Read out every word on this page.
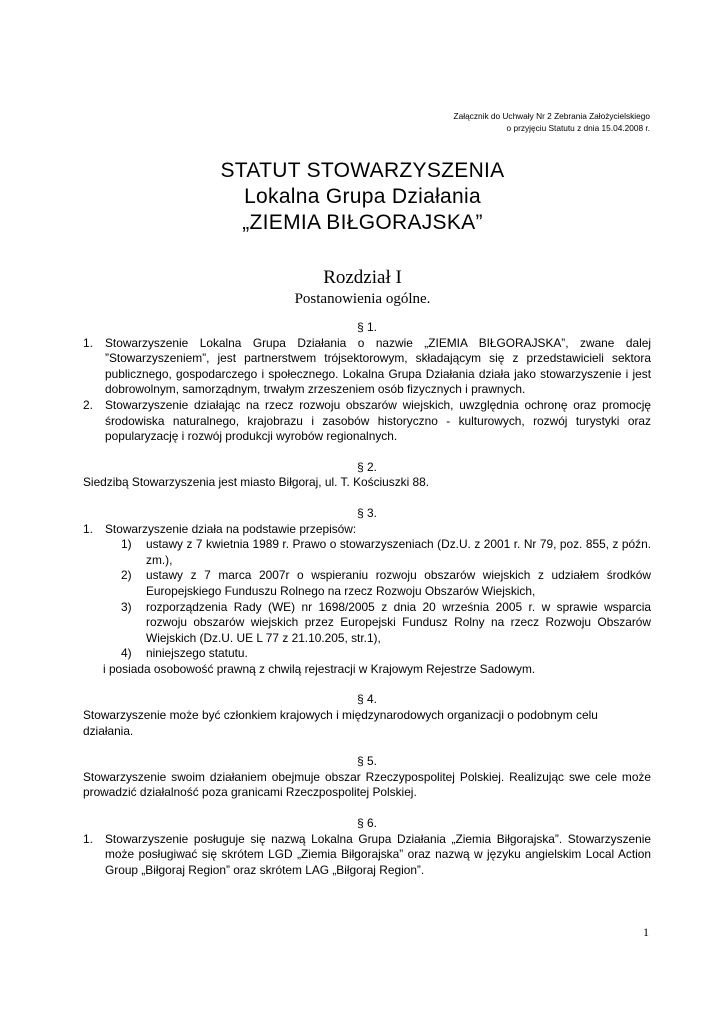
Załącznik do Uchwały Nr 2 Zebrania Założycielskiego
o przyjęciu Statutu z dnia 15.04.2008 r.
STATUT STOWARZYSZENIA
Lokalna Grupa Działania
„ZIEMIA BIŁGORAJSKA”
Rozdział I
Postanowienia ogólne.
§ 1.
1.	Stowarzyszenie Lokalna Grupa Działania o nazwie „ZIEMIA BIŁGORAJSKA”, zwane dalej ”Stowarzyszeniem”, jest partnerstwem trójsektorowym, składającym się z przedstawicieli sektora publicznego, gospodarczego i społecznego. Lokalna Grupa Działania działa jako stowarzyszenie i jest dobrowolnym, samorządnym, trwałym zrzeszeniem osób fizycznych i prawnych.
2.	Stowarzyszenie działając na rzecz rozwoju obszarów wiejskich, uwzględnia ochronę oraz promocję środowiska naturalnego, krajobrazu i zasobów historyczno - kulturowych, rozwój turystyki oraz popularyzację i rozwój produkcji wyrobów regionalnych.
§ 2.
Siedzibą Stowarzyszenia jest miasto Biłgoraj, ul. T. Kościuszki 88.
§ 3.
1.	Stowarzyszenie działa na podstawie przepisów:
1)	ustawy z 7 kwietnia 1989 r. Prawo o stowarzyszeniach (Dz.U. z 2001 r. Nr 79, poz. 855, z późn. zm.),
2)	ustawy z 7 marca 2007r o wspieraniu rozwoju obszarów wiejskich z udziałem środków Europejskiego Funduszu Rolnego na rzecz Rozwoju Obszarów Wiejskich,
3)	rozporządzenia Rady (WE) nr 1698/2005 z dnia 20 września 2005 r. w sprawie wsparcia rozwoju obszarów wiejskich przez Europejski Fundusz Rolny na rzecz Rozwoju Obszarów Wiejskich (Dz.U. UE L 77 z 21.10.205, str.1),
4)	niniejszego statutu.
i posiada osobowość prawną z chwilą rejestracji w Krajowym Rejestrze Sadowym.
§ 4.
Stowarzyszenie może być członkiem krajowych i międzynarodowych organizacji o podobnym celu działania.
§ 5.
Stowarzyszenie swoim działaniem obejmuje obszar Rzeczypospolitej Polskiej. Realizując swe cele może prowadzić działalność poza granicami Rzeczpospolitej Polskiej.
§ 6.
1.	Stowarzyszenie posługuje się nazwą Lokalna Grupa Działania „Ziemia Biłgorajska”. Stowarzyszenie może posługiwać się skrótem LGD „Ziemia Biłgorajska” oraz nazwą w języku angielskim Local Action Group „Biłgoraj Region” oraz skrótem LAG „Biłgoraj Region”.
1
